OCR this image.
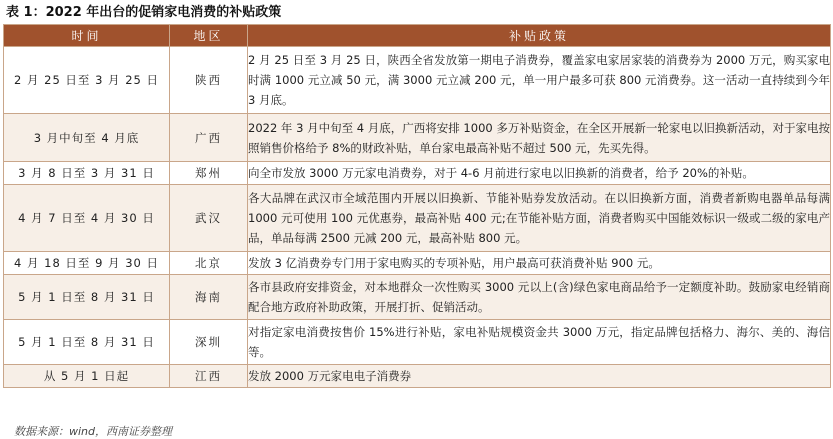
表 1：2022 年出台的促销家电消费的补贴政策
时间	地区	补贴政策
2 月 25 日至 3 月 25 日	陕西	2 月 25 日至 3 月 25 日，陕西全省发放第一期电子消费券，覆盖家电家居家装的消费券为 2000 万元，购买家电时满 1000 元立减 50 元，满 3000 元立减 200 元，单一用户最多可获 800 元消费券。这一活动一直持续到今年 3 月底。
3 月中旬至 4 月底	广西	2022 年 3 月中旬至 4 月底，广西将安排 1000 多万补贴资金，在全区开展新一轮家电以旧换新活动，对于家电按照销售价格给予 8%的财政补贴，单台家电最高补贴不超过 500 元，先买先得。
3 月 8 日至 3 月 31 日	郑州	向全市发放 3000 万元家电消费券，对于 4-6 月前进行家电以旧换新的消费者，给予 20%的补贴。
4 月 7 日至 4 月 30 日	武汉	各大品牌在武汉市全域范围内开展以旧换新、节能补贴券发放活动。在以旧换新方面，消费者新购电器单品每满 1000 元可使用 100 元优惠券，最高补贴 400 元;在节能补贴方面，消费者购买中国能效标识一级或二级的家电产品，单品每满 2500 元减 200 元，最高补贴 800 元。
4 月 18 日至 9 月 30 日	北京	发放 3 亿消费券专门用于家电购买的专项补贴，用户最高可获消费补贴 900 元。
5 月 1 日至 8 月 31 日	海南	各市县政府安排资金，对本地群众一次性购买 3000 元以上(含)绿色家电商品给予一定额度补助。鼓励家电经销商配合地方政府补助政策，开展打折、促销活动。
5 月 1 日至 8 月 31 日	深圳	对指定家电消费按售价 15%进行补贴，家电补贴规模资金共 3000 万元，指定品牌包括格力、海尔、美的、海信等。
从 5 月 1 日起	江西	发放 2000 万元家电电子消费券
数据来源：wind，西南证券整理
